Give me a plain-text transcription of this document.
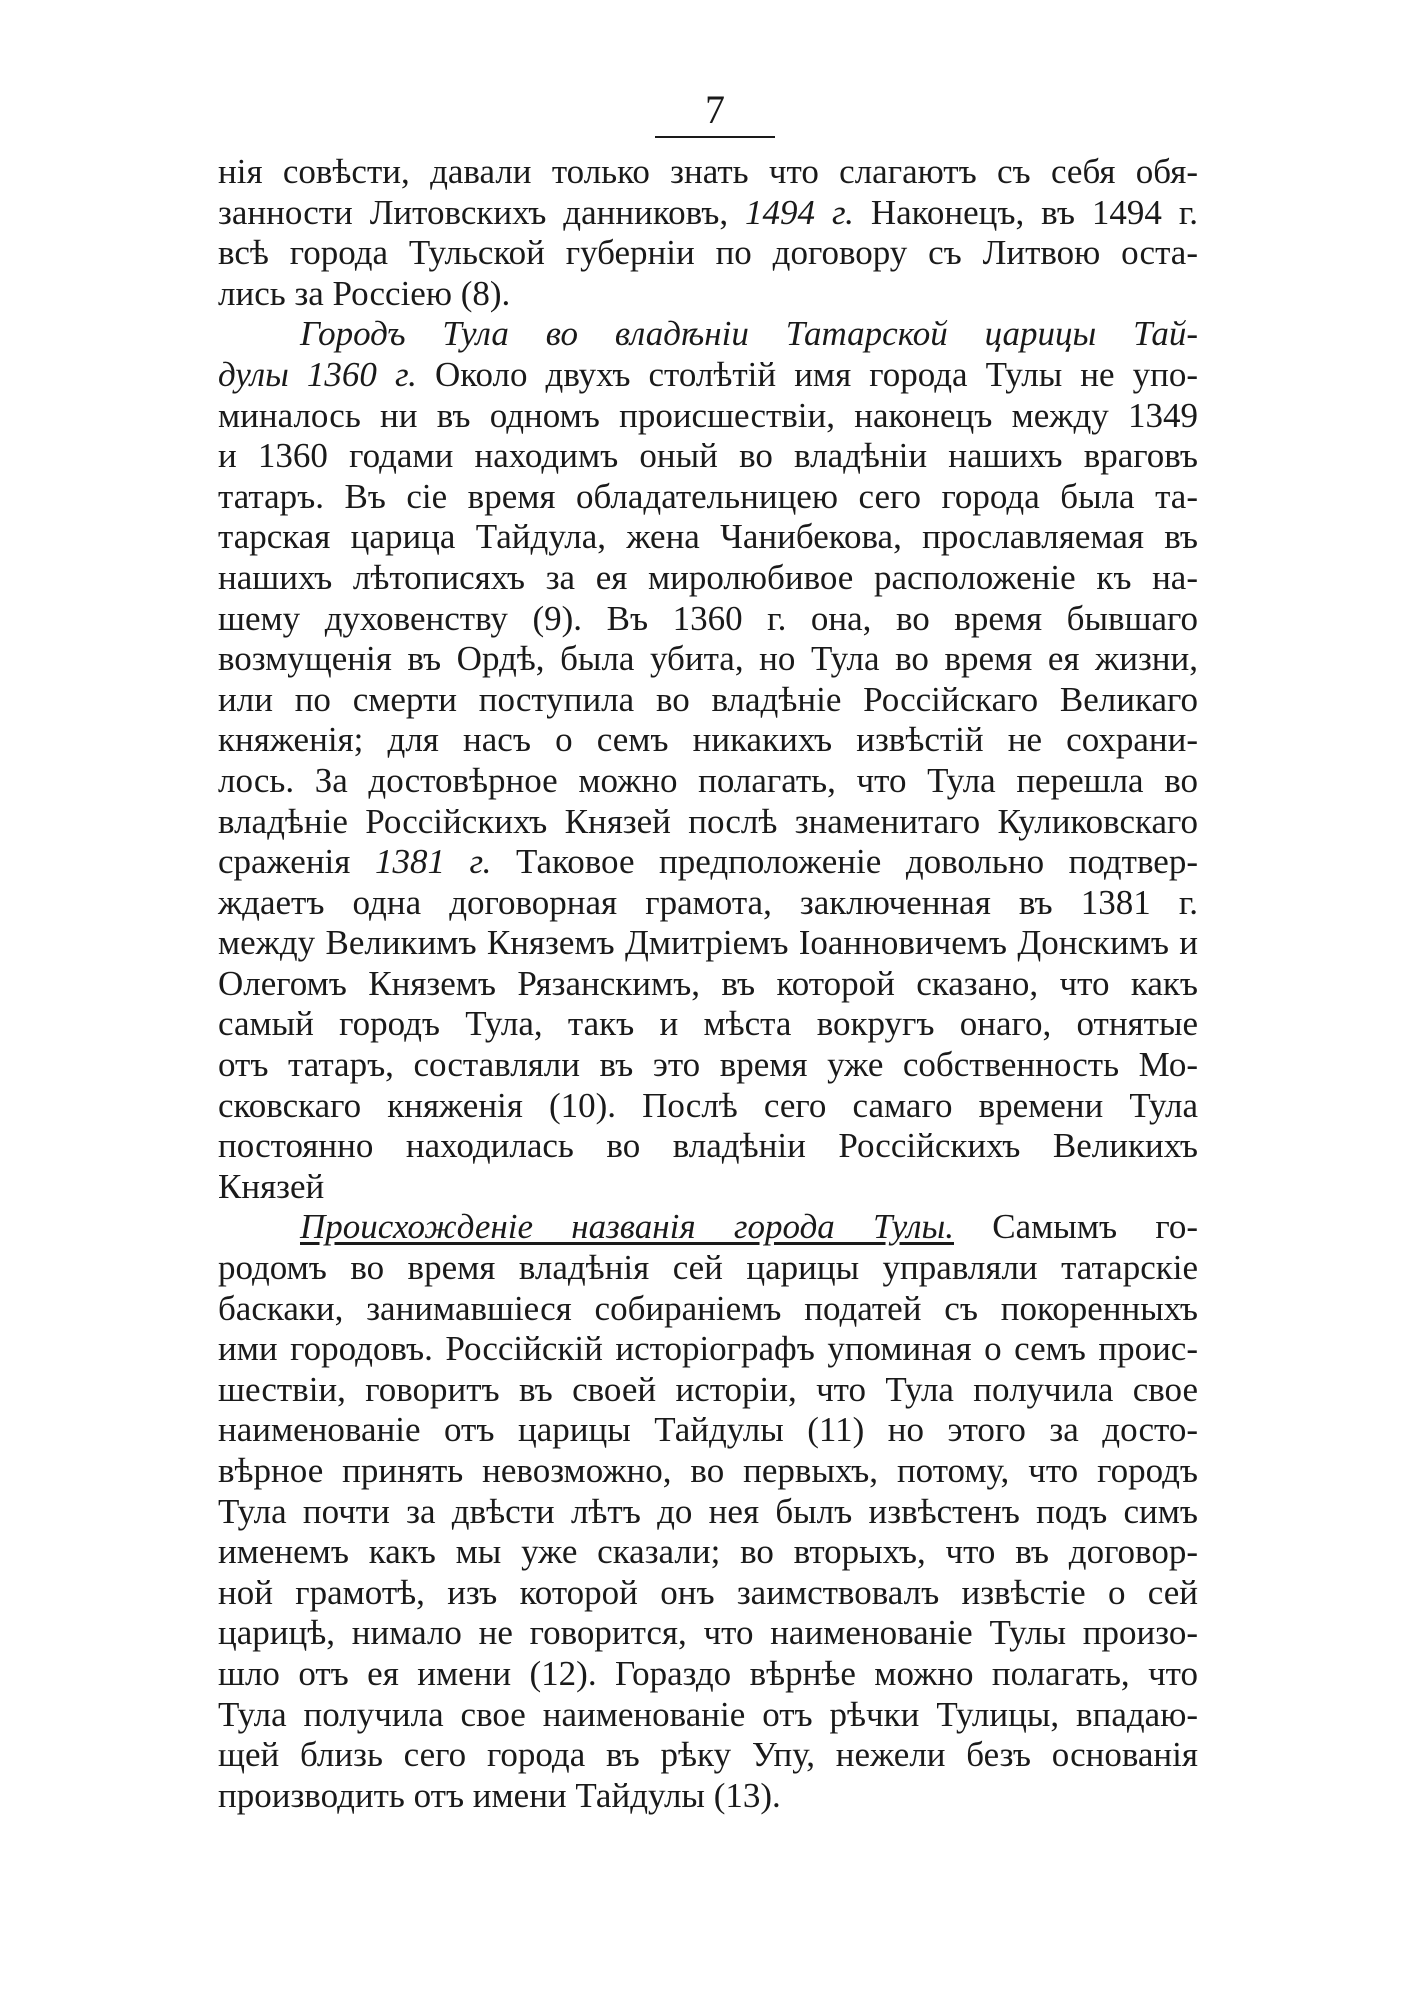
7
нія совѣсти, давали только знать что слагаютъ съ себя обя-
занности Литовскихъ данниковъ, 1494 г. Наконецъ, въ 1494 г.
всѣ города Тульской губерніи по договору съ Литвою оста-
лись за Россіею (8).
Городъ Тула во владѣніи Татарской царицы Тай-
дулы 1360 г. Около двухъ столѣтій имя города Тулы не упо-
миналось ни въ одномъ происшествіи, наконецъ между 1349
и 1360 годами находимъ оный во владѣніи нашихъ враговъ
татаръ. Въ сіе время обладательницею сего города была та-
тарская царица Тайдула, жена Чанибекова, прославляемая въ
нашихъ лѣтописяхъ за ея миролюбивое расположеніе къ на-
шему духовенству (9). Въ 1360 г. она, во время бывшаго
возмущенія въ Ордѣ, была убита, но Тула во время ея жизни,
или по смерти поступила во владѣніе Россійскаго Великаго
княженія; для насъ о семъ никакихъ извѣстій не сохрани-
лось. За достовѣрное можно полагать, что Тула перешла во
владѣніе Россійскихъ Князей послѣ знаменитаго Куликовскаго
сраженія 1381 г. Таковое предположеніе довольно подтвер-
ждаетъ одна договорная грамота, заключенная въ 1381 г.
между Великимъ Княземъ Дмитріемъ Іоанновичемъ Донскимъ и
Олегомъ Княземъ Рязанскимъ, въ которой сказано, что какъ
самый городъ Тула, такъ и мѣста вокругъ онаго, отнятые
отъ татаръ, составляли въ это время уже собственность Мо-
сковскаго княженія (10). Послѣ сего самаго времени Тула
постоянно находилась во владѣніи Россійскихъ Великихъ
Князей
Происхожденіе названія города Тулы. Самымъ го-
родомъ во время владѣнія сей царицы управляли татарскіе
баскаки, занимавшіеся собираніемъ податей съ покоренныхъ
ими городовъ. Россійскій исторіографъ упоминая о семъ проис-
шествіи, говоритъ въ своей исторіи, что Тула получила свое
наименованіе отъ царицы Тайдулы (11) но этого за досто-
вѣрное принять невозможно, во первыхъ, потому, что городъ
Тула почти за двѣсти лѣтъ до нея былъ извѣстенъ подъ симъ
именемъ какъ мы уже сказали; во вторыхъ, что въ договор-
ной грамотѣ, изъ которой онъ заимствовалъ извѣстіе о сей
царицѣ, нимало не говорится, что наименованіе Тулы произо-
шло отъ ея имени (12). Гораздо вѣрнѣе можно полагать, что
Тула получила свое наименованіе отъ рѣчки Тулицы, впадаю-
щей близь сего города въ рѣку Упу, нежели безъ основанія
производить отъ имени Тайдулы (13).
